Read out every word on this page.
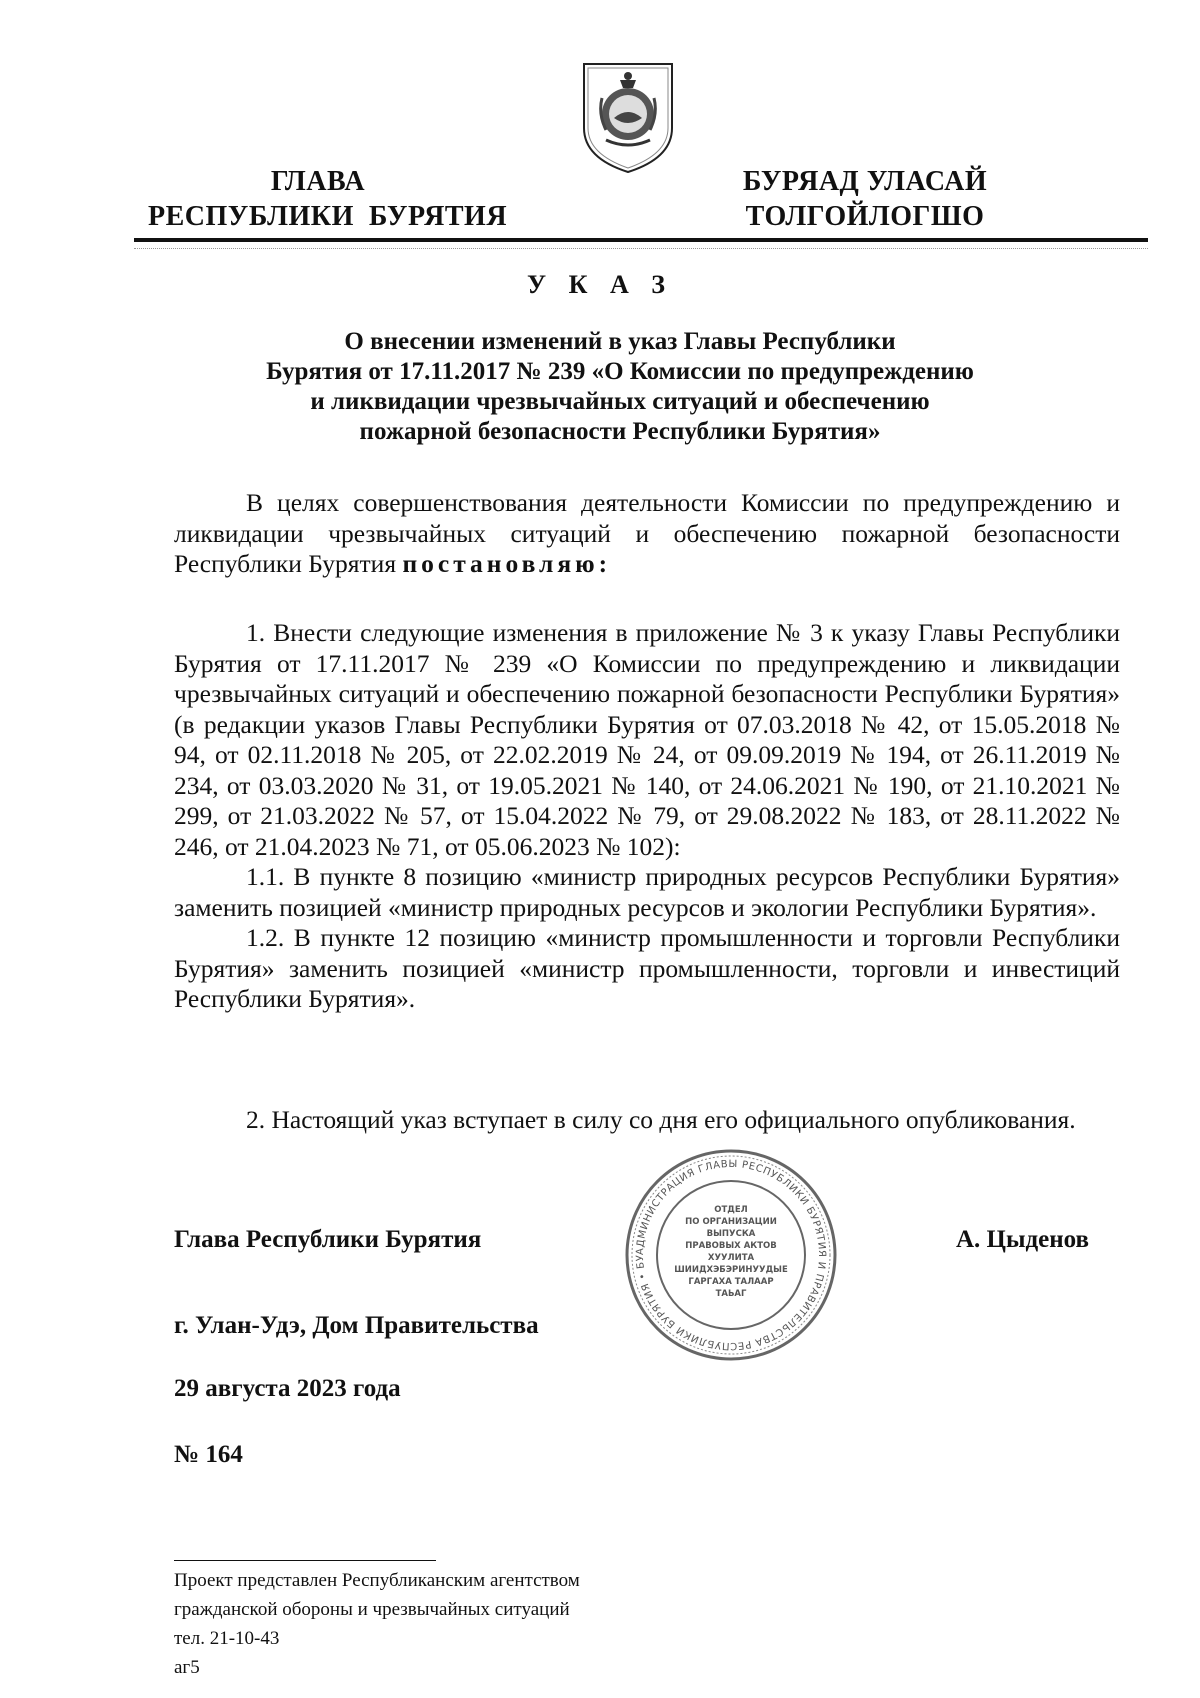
ГЛАВА
РЕСПУБЛИКИ  БУРЯТИЯ
БУРЯАД УЛАСАЙ
ТОЛГОЙЛОГШО
У К А З
О внесении изменений в указ Главы Республики
Бурятия от 17.11.2017 № 239 «О Комиссии по предупреждению
и ликвидации чрезвычайных ситуаций и обеспечению
пожарной безопасности Республики Бурятия»
В целях совершенствования деятельности Комиссии по предупреждению и ликвидации чрезвычайных ситуаций и обеспечению пожарной безопасности Республики Бурятия постановляю:
1. Внести следующие изменения в приложение № 3 к указу Главы Республики Бурятия от 17.11.2017 № 239 «О Комиссии по предупреждению и ликвидации чрезвычайных ситуаций и обеспечению пожарной безопасности Республики Бурятия» (в редакции указов Главы Республики Бурятия от 07.03.2018 № 42, от 15.05.2018 № 94, от 02.11.2018 № 205, от 22.02.2019 № 24, от 09.09.2019 № 194, от 26.11.2019 № 234, от 03.03.2020 № 31, от 19.05.2021 № 140, от 24.06.2021 № 190, от 21.10.2021 № 299, от 21.03.2022 № 57, от 15.04.2022 № 79, от 29.08.2022 № 183, от 28.11.2022 № 246, от 21.04.2023 № 71, от 05.06.2023 № 102):
1.1. В пункте 8 позицию «министр природных ресурсов Республики Бурятия» заменить позицией «министр природных ресурсов и экологии Республики Бурятия».
1.2. В пункте 12 позицию «министр промышленности и торговли Республики Бурятия» заменить позицией «министр промышленности, торговли и инвестиций Республики Бурятия».
2. Настоящий указ вступает в силу со дня его официального опубликования.
Глава Республики Бурятия	А. Цыденов
АДМИНИСТРАЦИЯ ГЛАВЫ РЕСПУБЛИКИ БУРЯТИЯ И ПРАВИТЕЛЬСТВА РЕСПУБЛИКИ БУРЯТИЯ • БУ
ОТДЕЛ
ПО ОРГАНИЗАЦИИ
ВЫПУСКА
ПРАВОВЫХ АКТОВ
ХУУЛИТА
ШИИДХЭБЭРИНУУДЫЕ
ГАРГАХА ТАЛААР
ТАЬАГ
г. Улан-Удэ, Дом Правительства
29 августа 2023 года
№ 164
Проект представлен Республиканским агентством
гражданской обороны и чрезвычайных ситуаций
тел. 21-10-43
аг5
